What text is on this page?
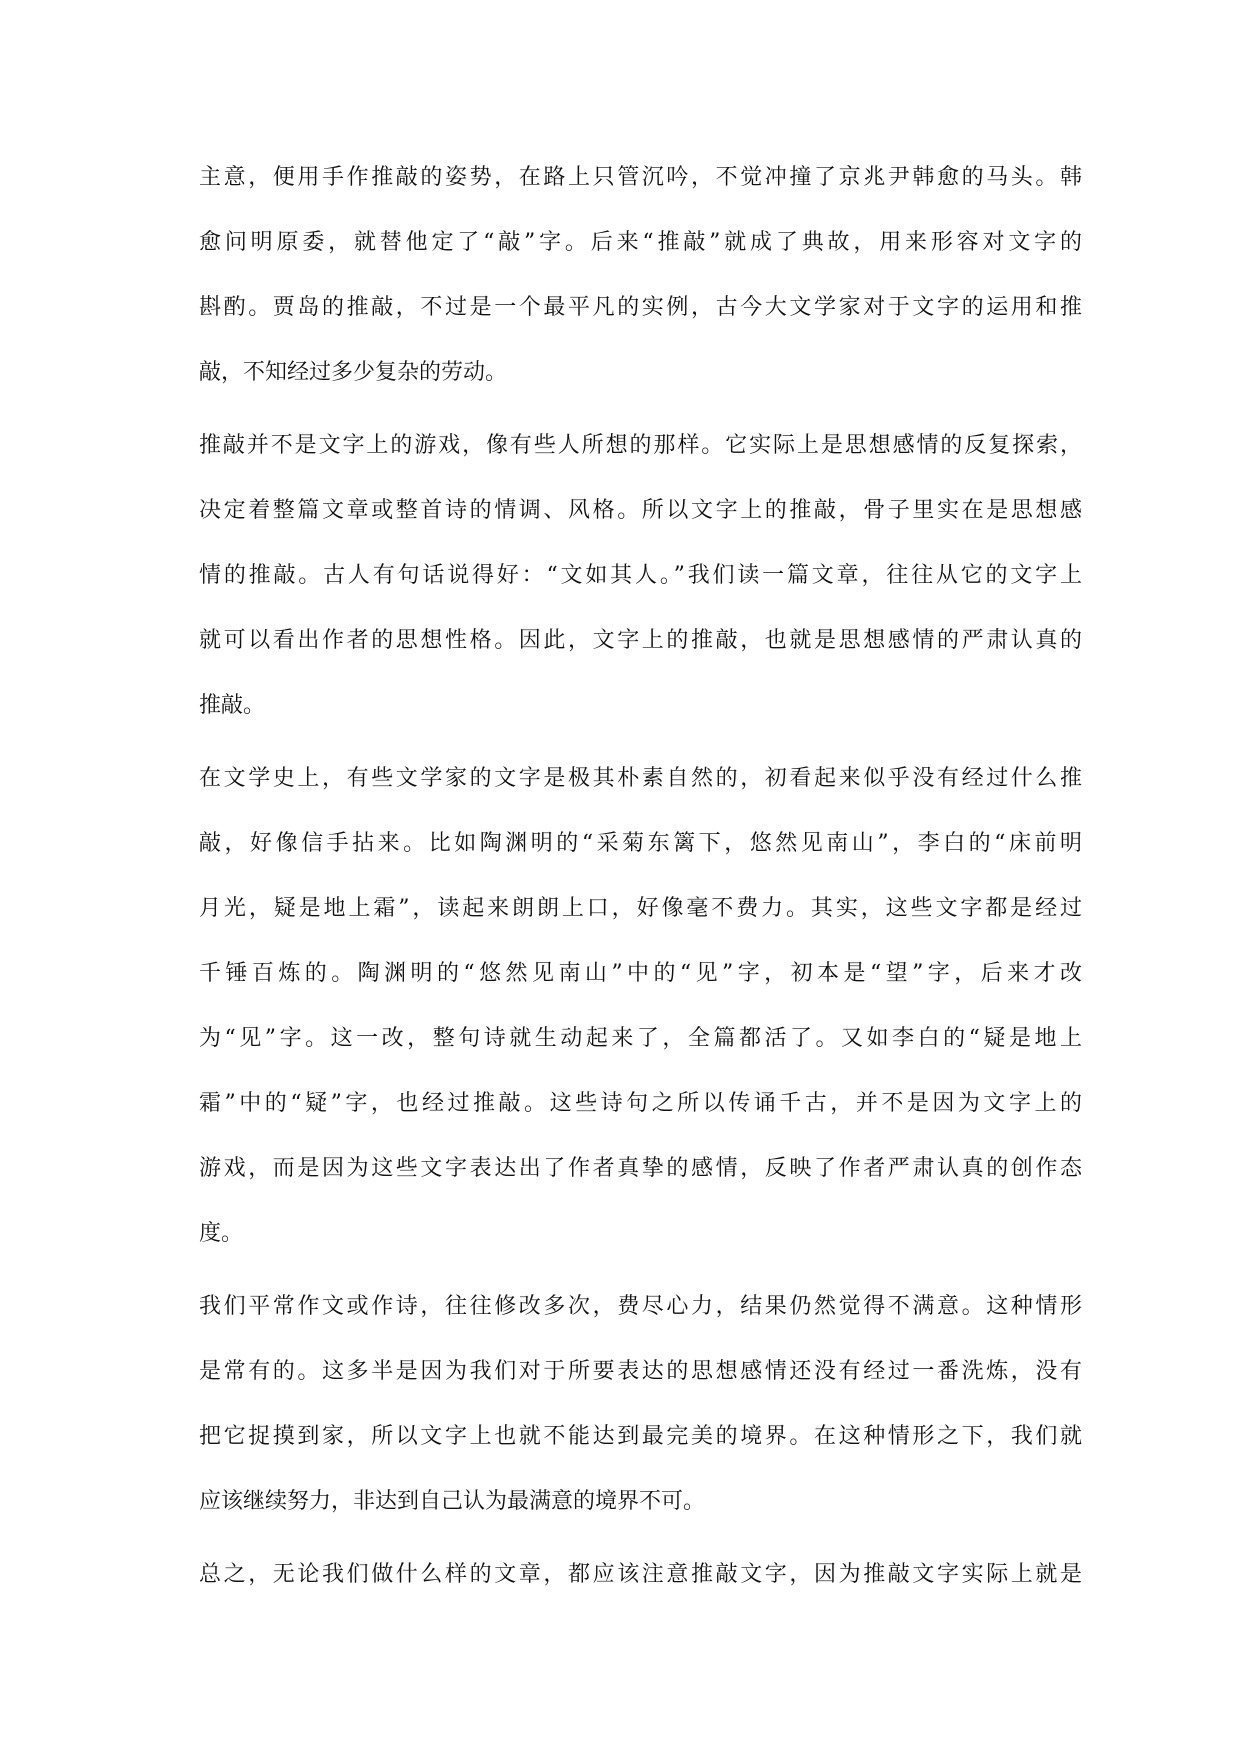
主意，便用手作推敲的姿势，在路上只管沉吟，不觉冲撞了京兆尹韩愈的马头。韩
愈问明原委，就替他定了“敲”字。后来“推敲”就成了典故，用来形容对文字的
斟酌。贾岛的推敲，不过是一个最平凡的实例，古今大文学家对于文字的运用和推
敲，不知经过多少复杂的劳动。

推敲并不是文字上的游戏，像有些人所想的那样。它实际上是思想感情的反复探索，
决定着整篇文章或整首诗的情调、风格。所以文字上的推敲，骨子里实在是思想感
情的推敲。古人有句话说得好：“文如其人。”我们读一篇文章，往往从它的文字上
就可以看出作者的思想性格。因此，文字上的推敲，也就是思想感情的严肃认真的
推敲。

在文学史上，有些文学家的文字是极其朴素自然的，初看起来似乎没有经过什么推
敲，好像信手拈来。比如陶渊明的“采菊东篱下，悠然见南山”，李白的“床前明
月光，疑是地上霜”，读起来朗朗上口，好像毫不费力。其实，这些文字都是经过
千锤百炼的。陶渊明的“悠然见南山”中的“见”字，初本是“望”字，后来才改
为“见”字。这一改，整句诗就生动起来了，全篇都活了。又如李白的“疑是地上
霜”中的“疑”字，也经过推敲。这些诗句之所以传诵千古，并不是因为文字上的
游戏，而是因为这些文字表达出了作者真挚的感情，反映了作者严肃认真的创作态
度。

我们平常作文或作诗，往往修改多次，费尽心力，结果仍然觉得不满意。这种情形
是常有的。这多半是因为我们对于所要表达的思想感情还没有经过一番洗炼，没有
把它捉摸到家，所以文字上也就不能达到最完美的境界。在这种情形之下，我们就
应该继续努力，非达到自己认为最满意的境界不可。

总之，无论我们做什么样的文章，都应该注意推敲文字，因为推敲文字实际上就是
